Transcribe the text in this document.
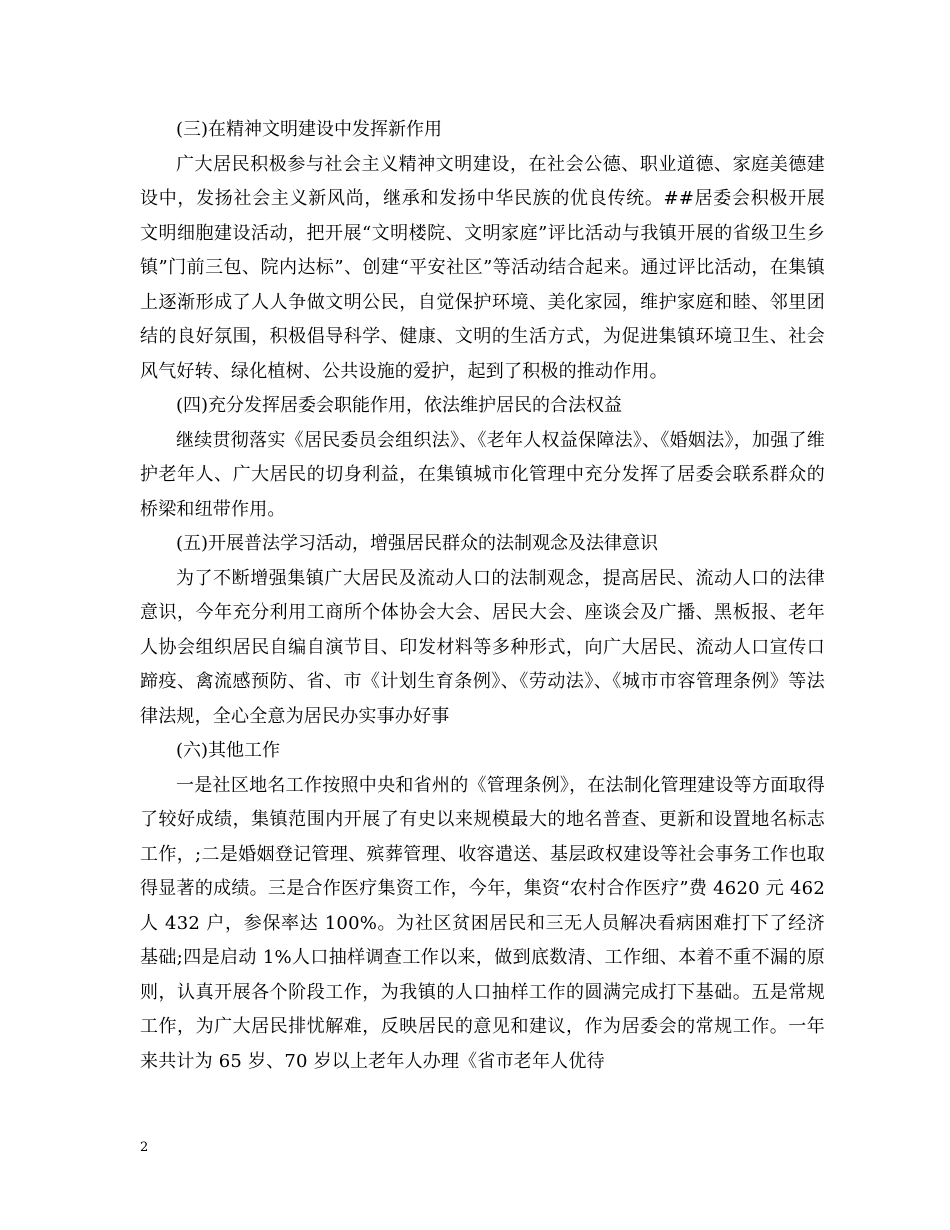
(三)在精神文明建设中发挥新作用

广大居民积极参与社会主义精神文明建设，在社会公德、职业道德、家庭美德建设中，发扬社会主义新风尚，继承和发扬中华民族的优良传统。##居委会积极开展文明细胞建设活动，把开展“文明楼院、文明家庭”评比活动与我镇开展的省级卫生乡镇”门前三包、院内达标”、创建“平安社区”等活动结合起来。通过评比活动，在集镇上逐渐形成了人人争做文明公民，自觉保护环境、美化家园，维护家庭和睦、邻里团结的良好氛围，积极倡导科学、健康、文明的生活方式，为促进集镇环境卫生、社会风气好转、绿化植树、公共设施的爱护，起到了积极的推动作用。

(四)充分发挥居委会职能作用，依法维护居民的合法权益

继续贯彻落实《居民委员会组织法》、《老年人权益保障法》、《婚姻法》，加强了维护老年人、广大居民的切身利益，在集镇城市化管理中充分发挥了居委会联系群众的桥梁和纽带作用。

(五)开展普法学习活动，增强居民群众的法制观念及法律意识

为了不断增强集镇广大居民及流动人口的法制观念，提高居民、流动人口的法律意识，今年充分利用工商所个体协会大会、居民大会、座谈会及广播、黑板报、老年人协会组织居民自编自演节目、印发材料等多种形式，向广大居民、流动人口宣传口蹄疫、禽流感预防、省、市《计划生育条例》、《劳动法》、《城市市容管理条例》等法律法规，全心全意为居民办实事办好事

(六)其他工作

一是社区地名工作按照中央和省州的《管理条例》，在法制化管理建设等方面取得了较好成绩，集镇范围内开展了有史以来规模最大的地名普查、更新和设置地名标志工作，;二是婚姻登记管理、殡葬管理、收容遣送、基层政权建设等社会事务工作也取得显著的成绩。三是合作医疗集资工作，今年，集资“农村合作医疗”费 4620 元 462 人 432 户，参保率达 100%。为社区贫困居民和三无人员解决看病困难打下了经济基础;四是启动 1%人口抽样调查工作以来，做到底数清、工作细、本着不重不漏的原则，认真开展各个阶段工作，为我镇的人口抽样工作的圆满完成打下基础。五是常规工作，为广大居民排忧解难，反映居民的意见和建议，作为居委会的常规工作。一年来共计为 65 岁、70 岁以上老年人办理《省市老年人优待

2
